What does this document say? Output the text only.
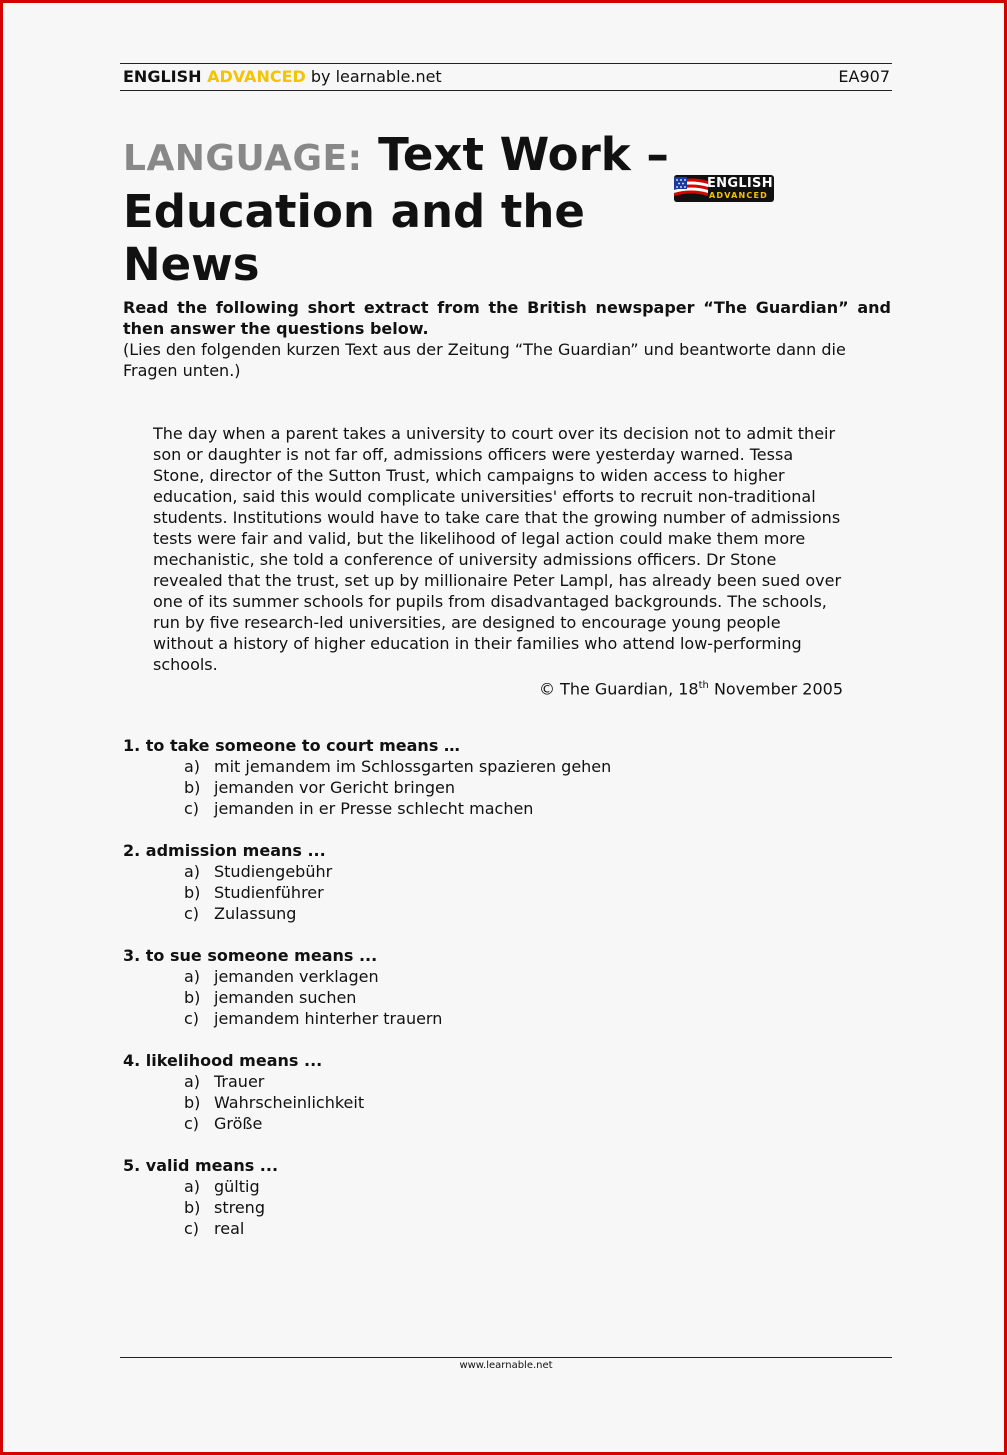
ENGLISH ADVANCED by learnable.net	EA907
LANGUAGE: Text Work –
Education and the News
ENGLISH
ADVANCED
Read the following short extract from the British newspaper “The Guardian” and then answer the questions below.
(Lies den folgenden kurzen Text aus der Zeitung “The Guardian” und beantworte dann die Fragen unten.)
The day when a parent takes a university to court over its decision not to admit their son or daughter is not far off, admissions officers were yesterday warned. Tessa Stone, director of the Sutton Trust, which campaigns to widen access to higher education, said this would complicate universities' efforts to recruit non-traditional students. Institutions would have to take care that the growing number of admissions tests were fair and valid, but the likelihood of legal action could make them more mechanistic, she told a conference of university admissions officers. Dr Stone revealed that the trust, set up by millionaire Peter Lampl, has already been sued over one of its summer schools for pupils from disadvantaged backgrounds. The schools, run by five research-led universities, are designed to encourage young people without a history of higher education in their families who attend low-performing schools.
© The Guardian, 18th November 2005
1. to take someone to court means …
a) mit jemandem im Schlossgarten spazieren gehen
b) jemanden vor Gericht bringen
c) jemanden in er Presse schlecht machen
2. admission means ...
a) Studiengebühr
b) Studienführer
c) Zulassung
3. to sue someone means ...
a) jemanden verklagen
b) jemanden suchen
c) jemandem hinterher trauern
4. likelihood means ...
a) Trauer
b) Wahrscheinlichkeit
c) Größe
5. valid means ...
a) gültig
b) streng
c) real
www.learnable.net
